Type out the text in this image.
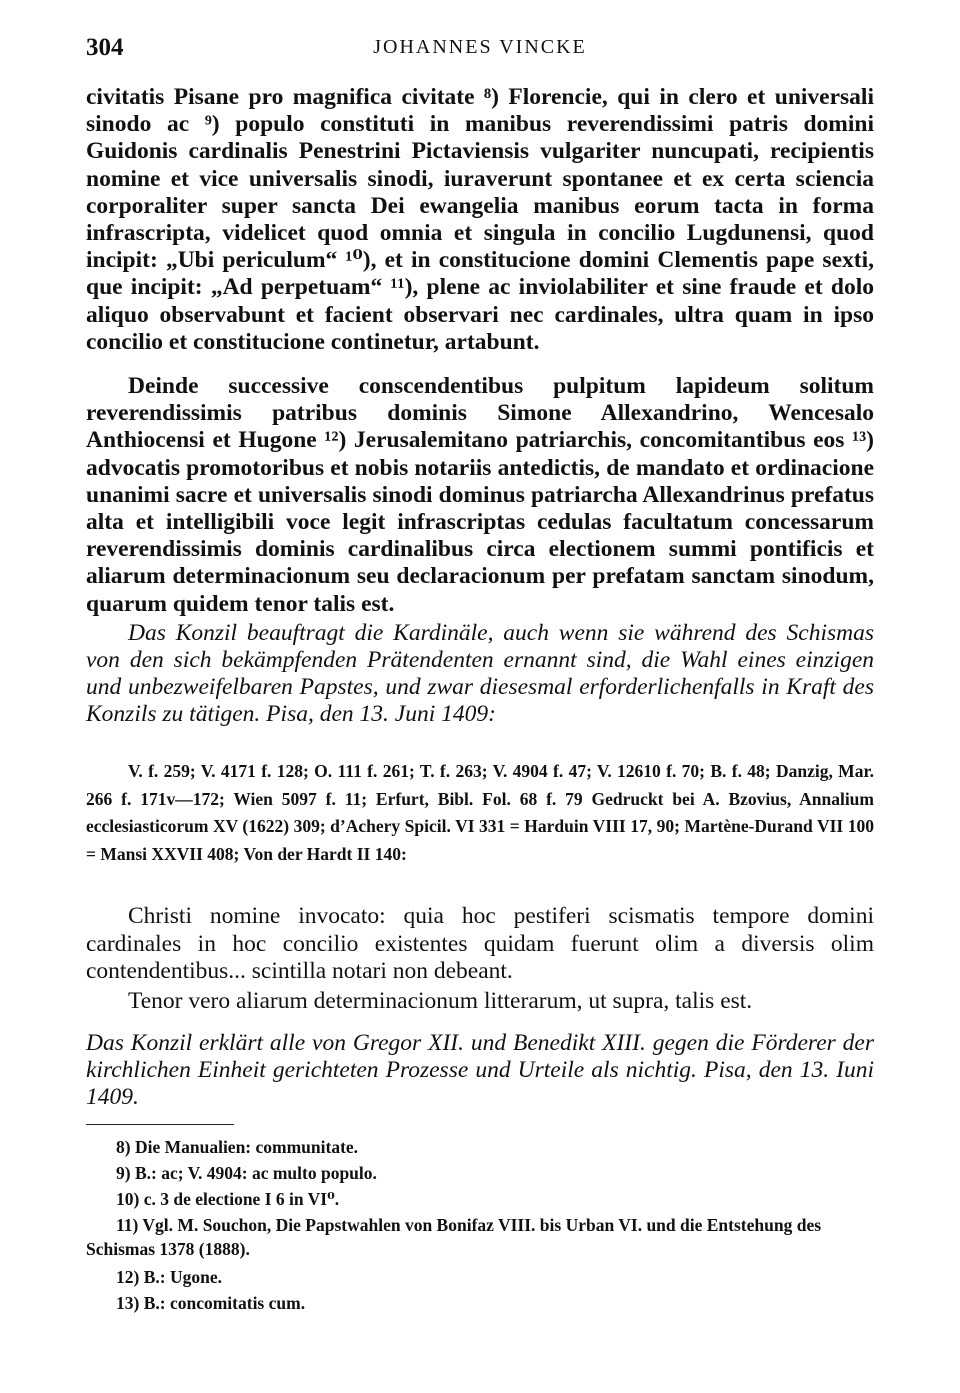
304	JOHANNES VINCKE

civitatis Pisane pro magnifica civitate ⁸) Florencie, qui in clero et universali sinodo ac ⁹) populo constituti in manibus reverendissimi patris domini Guidonis cardinalis Penestrini Pictaviensis vulgariter nuncupati, recipientis nomine et vice universalis sinodi, iuraverunt spontanee et ex certa sciencia corporaliter super sancta Dei ewangelia manibus eorum tacta in forma infrascripta, videlicet quod omnia et singula in concilio Lugdunensi, quod incipit: „Ubi periculum“ ¹⁰), et in constitucione domini Clementis pape sexti, que incipit: „Ad perpetuam“ ¹¹), plene ac inviolabiliter et sine fraude et dolo aliquo observabunt et facient observari nec cardinales, ultra quam in ipso concilio et constitucione continetur, artabunt.

Deinde successive conscendentibus pulpitum lapideum solitum reverendissimis patribus dominis Simone Allexandrino, Wencesalo Anthiocensi et Hugone ¹²) Jerusalemitano patriarchis, concomitantibus eos ¹³) advocatis promotoribus et nobis notariis antedictis, de mandato et ordinacione unanimi sacre et universalis sinodi dominus patriarcha Allexandrinus prefatus alta et intelligibili voce legit infrascriptas cedulas facultatum concessarum reverendissimis dominis cardinalibus circa electionem summi pontificis et aliarum determinacionum seu declaracionum per prefatam sanctam sinodum, quarum quidem tenor talis est.

Das Konzil beauftragt die Kardinäle, auch wenn sie während des Schismas von den sich bekämpfenden Prätendenten ernannt sind, die Wahl eines einzigen und unbezweifelbaren Papstes, und zwar diesesmal erforderlichenfalls in Kraft des Konzils zu tätigen. Pisa, den 13. Juni 1409:

V. f. 259; V. 4171 f. 128; O. 111 f. 261; T. f. 263; V. 4904 f. 47; V. 12610 f. 70; B. f. 48; Danzig, Mar. 266 f. 171v—172; Wien 5097 f. 11; Erfurt, Bibl. Fol. 68 f. 79 Gedruckt bei A. Bzovius, Annalium ecclesiasticorum XV (1622) 309; d’Achery Spicil. VI 331 = Harduin VIII 17, 90; Martène-Durand VII 100 = Mansi XXVII 408; Von der Hardt II 140:

Christi nomine invocato: quia hoc pestiferi scismatis tempore domini cardinales in hoc concilio existentes quidam fuerunt olim a diversis olim contendentibus... scintilla notari non debeant.

Tenor vero aliarum determinacionum litterarum, ut supra, talis est.

Das Konzil erklärt alle von Gregor XII. und Benedikt XIII. gegen die Förderer der kirchlichen Einheit gerichteten Prozesse und Urteile als nichtig. Pisa, den 13. Iuni 1409.

8) Die Manualien: communitate.
9) B.: ac; V. 4904: ac multo populo.
10) c. 3 de electione I 6 in VI⁰.
11) Vgl. M. Souchon, Die Papstwahlen von Bonifaz VIII. bis Urban VI. und die Entstehung des Schismas 1378 (1888).
12) B.: Ugone.
13) B.: concomitatis cum.
